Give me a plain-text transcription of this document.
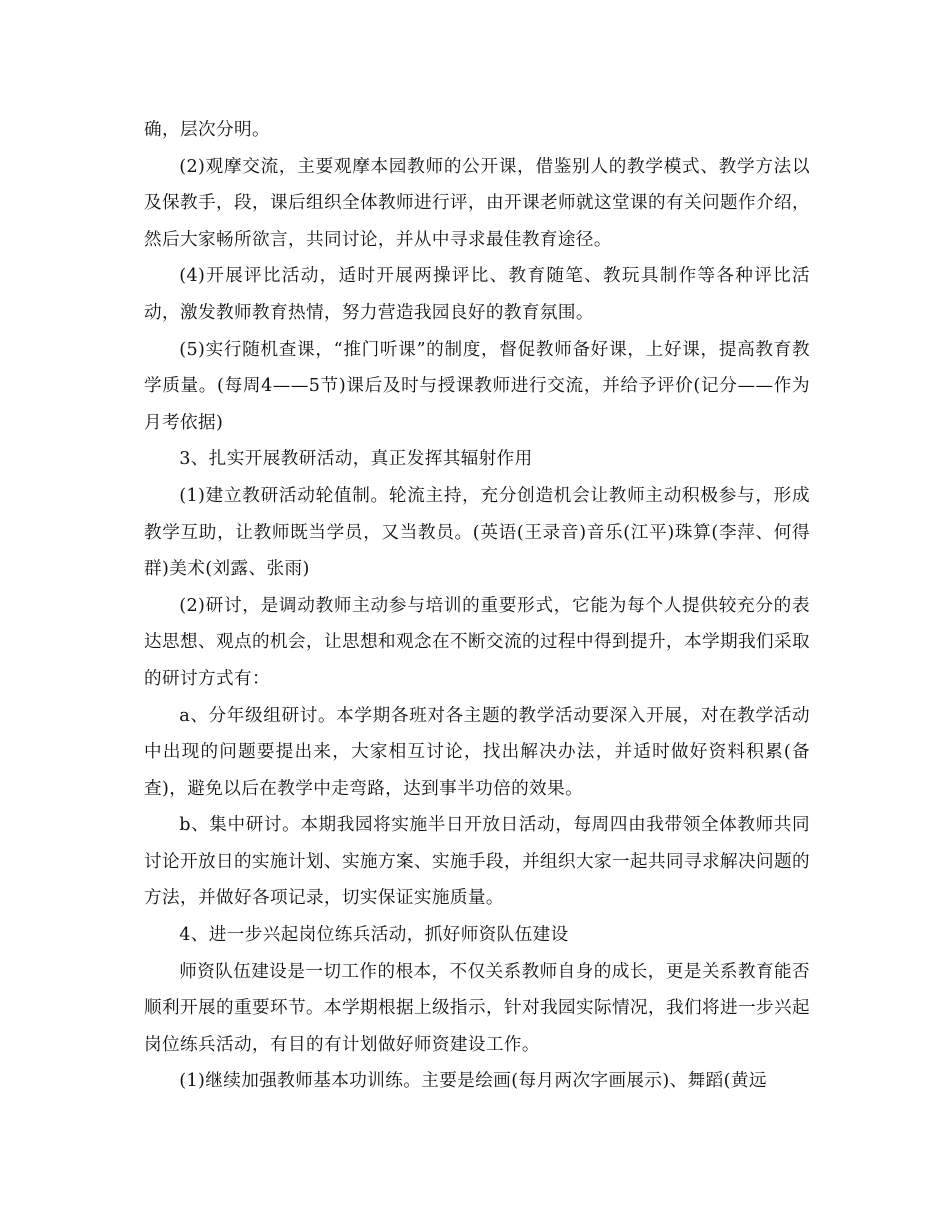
确，层次分明。

(2)观摩交流，主要观摩本园教师的公开课，借鉴别人的教学模式、教学方法以及保教手，段，课后组织全体教师进行评，由开课老师就这堂课的有关问题作介绍，然后大家畅所欲言，共同讨论，并从中寻求最佳教育途径。

(4)开展评比活动，适时开展两操评比、教育随笔、教玩具制作等各种评比活动，激发教师教育热情，努力营造我园良好的教育氛围。

(5)实行随机查课，“推门听课”的制度，督促教师备好课，上好课，提高教育教学质量。(每周4——5节)课后及时与授课教师进行交流，并给予评价(记分——作为月考依据)

3、扎实开展教研活动，真正发挥其辐射作用

(1)建立教研活动轮值制。轮流主持，充分创造机会让教师主动积极参与，形成教学互助，让教师既当学员，又当教员。(英语(王录音)音乐(江平)珠算(李萍、何得群)美术(刘露、张雨)

(2)研讨，是调动教师主动参与培训的重要形式，它能为每个人提供较充分的表达思想、观点的机会，让思想和观念在不断交流的过程中得到提升，本学期我们采取的研讨方式有：

a、分年级组研讨。本学期各班对各主题的教学活动要深入开展，对在教学活动中出现的问题要提出来，大家相互讨论，找出解决办法，并适时做好资料积累(备查)，避免以后在教学中走弯路，达到事半功倍的效果。

b、集中研讨。本期我园将实施半日开放日活动，每周四由我带领全体教师共同讨论开放日的实施计划、实施方案、实施手段，并组织大家一起共同寻求解决问题的方法，并做好各项记录，切实保证实施质量。

4、进一步兴起岗位练兵活动，抓好师资队伍建设

师资队伍建设是一切工作的根本，不仅关系教师自身的成长，更是关系教育能否顺利开展的重要环节。本学期根据上级指示，针对我园实际情况，我们将进一步兴起岗位练兵活动，有目的有计划做好师资建设工作。

(1)继续加强教师基本功训练。主要是绘画(每月两次字画展示)、舞蹈(黄远
